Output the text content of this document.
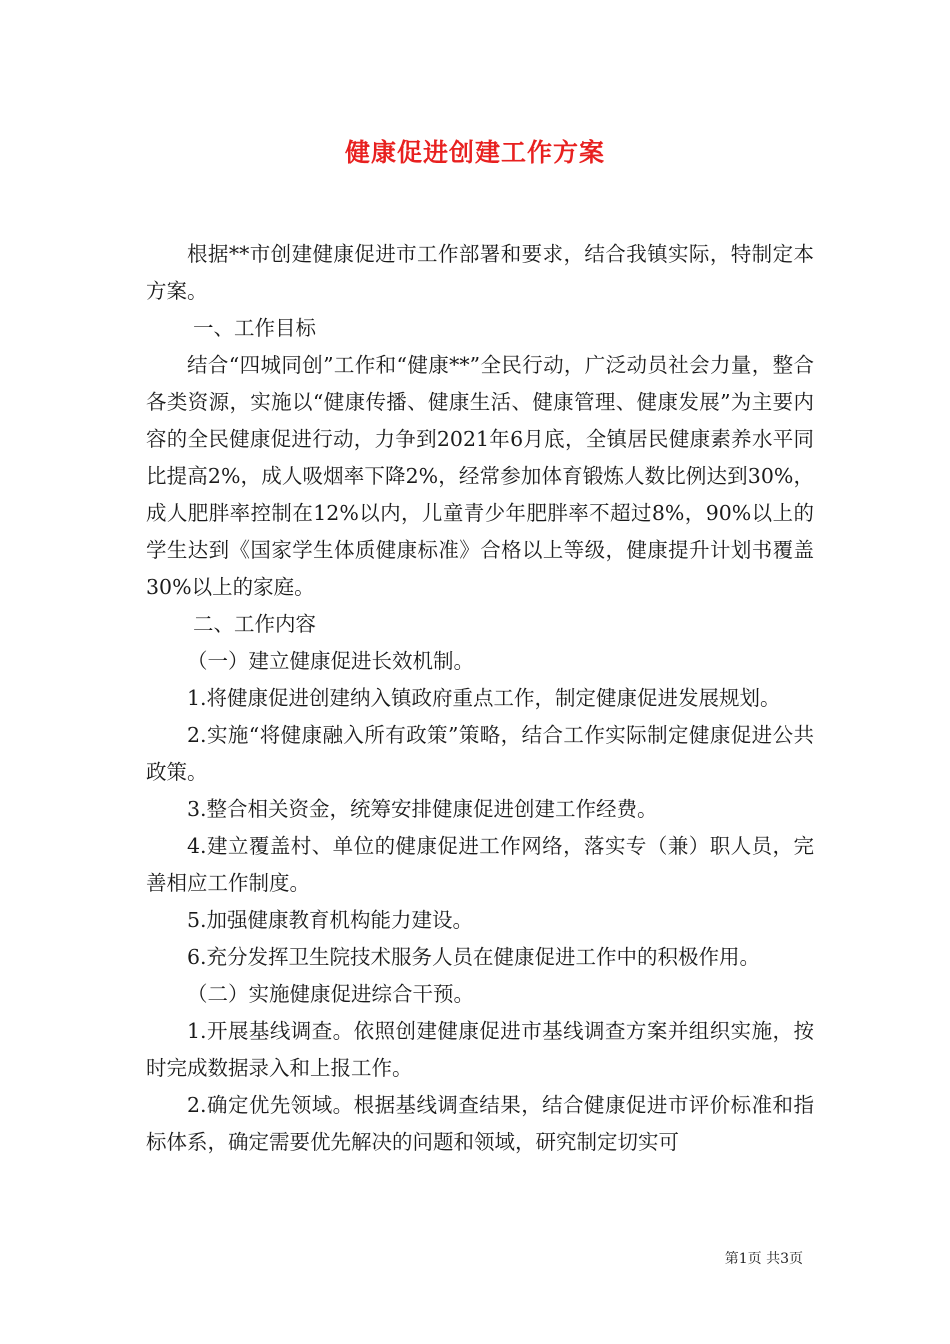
健康促进创建工作方案

根据**市创建健康促进市工作部署和要求，结合我镇实际，特制定本方案。

一、工作目标

结合“四城同创”工作和“健康**”全民行动，广泛动员社会力量，整合各类资源，实施以“健康传播、健康生活、健康管理、健康发展”为主要内容的全民健康促进行动，力争到2021年6月底，全镇居民健康素养水平同比提高2%，成人吸烟率下降2%，经常参加体育锻炼人数比例达到30%，成人肥胖率控制在12%以内，儿童青少年肥胖率不超过8%，90%以上的学生达到《国家学生体质健康标准》合格以上等级，健康提升计划书覆盖30%以上的家庭。

二、工作内容

（一）建立健康促进长效机制。

1.将健康促进创建纳入镇政府重点工作，制定健康促进发展规划。

2.实施“将健康融入所有政策”策略，结合工作实际制定健康促进公共政策。

3.整合相关资金，统筹安排健康促进创建工作经费。

4.建立覆盖村、单位的健康促进工作网络，落实专（兼）职人员，完善相应工作制度。

5.加强健康教育机构能力建设。

6.充分发挥卫生院技术服务人员在健康促进工作中的积极作用。

（二）实施健康促进综合干预。

1.开展基线调查。依照创建健康促进市基线调查方案并组织实施，按时完成数据录入和上报工作。

2.确定优先领域。根据基线调查结果，结合健康促进市评价标准和指标体系，确定需要优先解决的问题和领域，研究制定切实可

第1页 共3页
